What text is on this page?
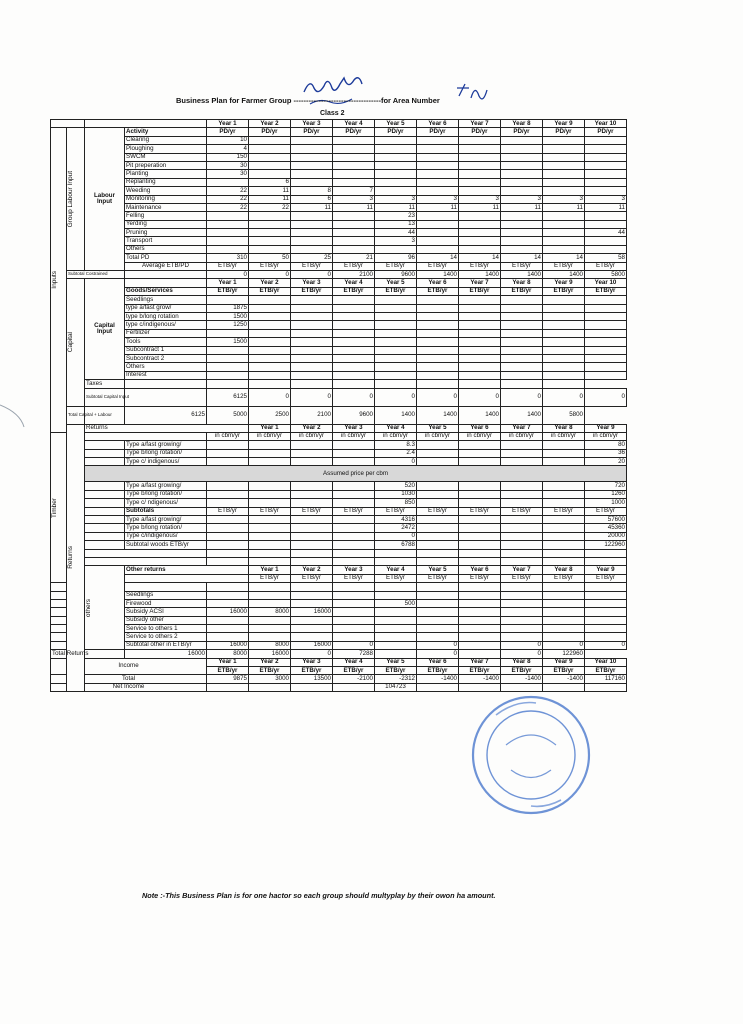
Business Plan for Farmer Group -----------------------------------for Area Number
Class 2
				Year 1	Year 2	Year 3	Year 4	Year 5	Year 6	Year 7	Year 8	Year 9	Year 10	

Inputs	Group Labour Input	Labour Input	Activity	PD/yr	PD/yr	PD/yr	PD/yr	PD/yr	PD/yr	PD/yr	PD/yr	PD/yr	PD/yr	
			Clearing	10										
			Ploughing	4										
			SWCM	150										
			Pit preperation	30										
			Planting	30										
			Replanting		6									
			Weeding	22	11	8	7							
			Monitoring	22	11	6	3	3	3	3	3	3	3	
			Maintenance	22	22	11	11	11	11	11	11	11	11	
			Felling					23						
			Yerding					13						
			Pruning					44					44	
			Transport					3						
			Others											
			Total PD	310	50	25	21	96	14	14	14	14	58	
			Average ETB/PD	ETB/yr	ETB/yr	ETB/yr	ETB/yr	ETB/yr	ETB/yr	ETB/yr	ETB/yr	ETB/yr	ETB/yr	
	Subtotal Costrained			0	0	0	2100	9600	1400	1400	1400	1400	5800	

	Capital	Capital Input		Year 1	Year 2	Year 3	Year 4	Year 5	Year 6	Year 7	Year 8	Year 9	Year 10	
			Goods/Services	ETB/yr	ETB/yr	ETB/yr	ETB/yr	ETB/yr	ETB/yr	ETB/yr	ETB/yr	ETB/yr	ETB/yr	
			Seedlings											
			type a/fast grow/	1875										
			type b/long rotation	1500										
			type c/indigenous/	1250										
			Fertilizer											
			Tools	1500										
			Subcontract 1											
			Subcontract 2											
			Others											
			Interest											
		Taxes												
		Subtotal Capital Input		6125	0	0	0	0	0	0	0	0	0	
	Total Capital + Labour		6125	5000	2500	2100	9600	1400	1400	1400	1400	5800		

	Returns	Returns			Year 1	Year 2	Year 3	Year 4	Year 5	Year 6	Year 7	Year 8	Year 9	

Timber				in cbm/yr	in cbm/yr	in cbm/yr	in cbm/yr	in cbm/yr	in cbm/yr	in cbm/yr	in cbm/yr	in cbm/yr	in cbm/yr	
			Type a/fast growing/					8.3					80	
			Type b/long rotation/					2.4					36	
			Type c/ indigenous/					0					20	
		Assumed price per cbm												
			Type a/fast growing/					520					720	
			Type b/long rotation/					1030					1260	
			Type c/ ndigenous/					850					1000	
			Subtotals	ETB/yr	ETB/yr	ETB/yr	ETB/yr	ETB/yr	ETB/yr	ETB/yr	ETB/yr	ETB/yr	ETB/yr	
			Type a/fast growing/					4316					57600	
			Type b/long rotation/					2472					45360	
			Type c/indigenous/					0					20000	
			Subtotal woods ETB/yr					6788					122960	

		others	Other returns		Year 1	Year 2	Year 3	Year 4	Year 5	Year 6	Year 7	Year 8	Year 9	
					ETB/yr	ETB/yr	ETB/yr	ETB/yr	ETB/yr	ETB/yr	ETB/yr	ETB/yr	ETB/yr	

			Seedlings											
			Firewood					500						
			Subsidy ACSI	16000	8000	16000								
			Subsidy other											
			Service to others 1											
			Service to others 2											
			Subtotal other in ETB/yr	16000	8000	16000	0		0		0	0	0	
Total Returns			16000	8000	16000	0	7288		0		0	122960		
Income				Year 1	Year 2	Year 3	Year 4	Year 5	Year 6	Year 7	Year 8	Year 9	Year 10	
				ETB/yr	ETB/yr	ETB/yr	ETB/yr	ETB/yr	ETB/yr	ETB/yr	ETB/yr	ETB/yr	ETB/yr	
Total				9875	3000	13500	-2100	-2312	-1400	-1400	-1400	-1400	117160	
Net Income								104723						
Note :-This Business Plan is for one hactor so each group should multyplay by their owon ha amount.
